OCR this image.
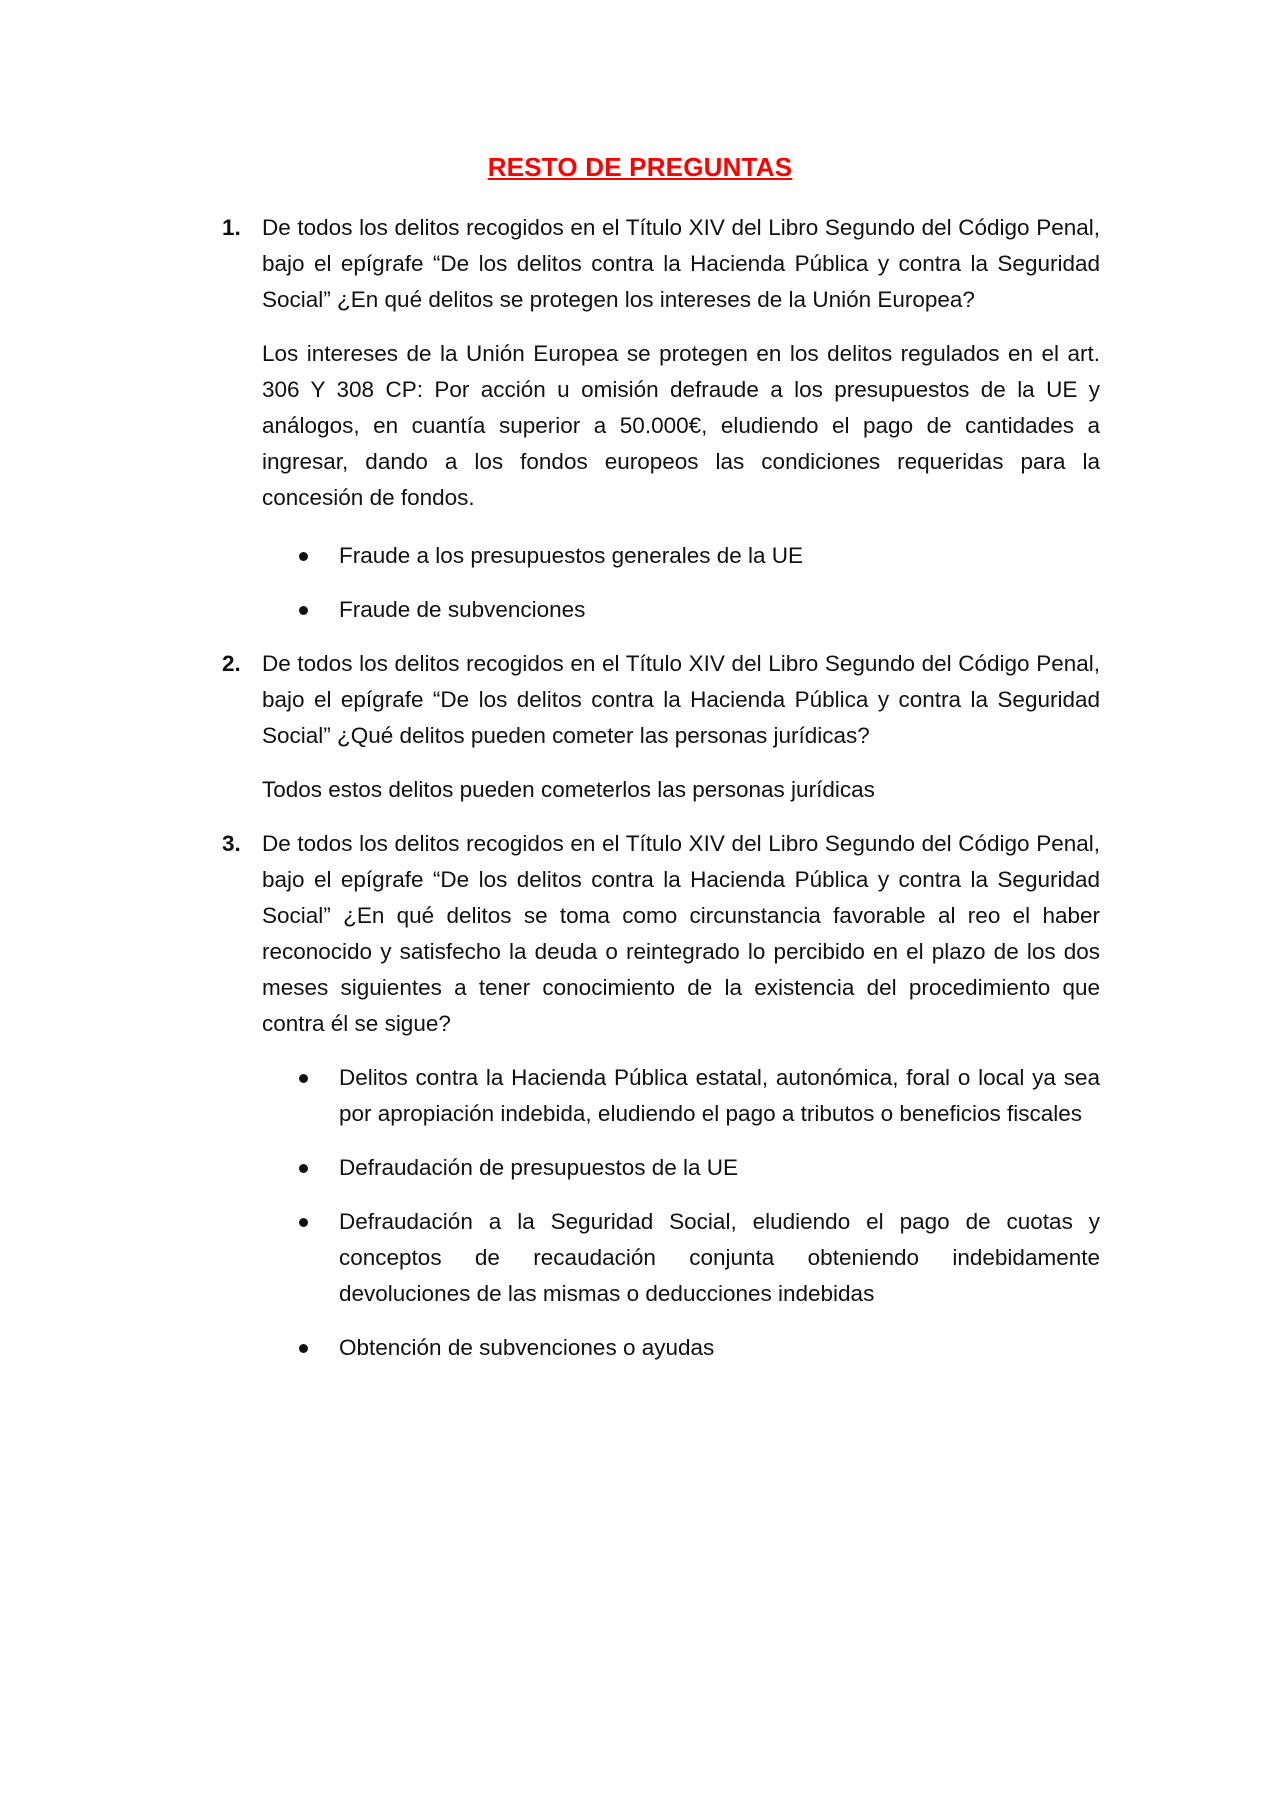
RESTO DE PREGUNTAS
1. De todos los delitos recogidos en el Título XIV del Libro Segundo del Código Penal, bajo el epígrafe “De los delitos contra la Hacienda Pública y contra la Seguridad Social” ¿En qué delitos se protegen los intereses de la Unión Europea?
Los intereses de la Unión Europea se protegen en los delitos regulados en el art. 306 Y 308 CP: Por acción u omisión defraude a los presupuestos de la UE y análogos, en cuantía superior a 50.000€, eludiendo el pago de cantidades a ingresar, dando a los fondos europeos las condiciones requeridas para la concesión de fondos.
Fraude a los presupuestos generales de la UE
Fraude de subvenciones
2. De todos los delitos recogidos en el Título XIV del Libro Segundo del Código Penal, bajo el epígrafe “De los delitos contra la Hacienda Pública y contra la Seguridad Social” ¿Qué delitos pueden cometer las personas jurídicas?
Todos estos delitos pueden cometerlos las personas jurídicas
3. De todos los delitos recogidos en el Título XIV del Libro Segundo del Código Penal, bajo el epígrafe “De los delitos contra la Hacienda Pública y contra la Seguridad Social” ¿En qué delitos se toma como circunstancia favorable al reo el haber reconocido y satisfecho la deuda o reintegrado lo percibido en el plazo de los dos meses siguientes a tener conocimiento de la existencia del procedimiento que contra él se sigue?
Delitos contra la Hacienda Pública estatal, autonómica, foral o local ya sea por apropiación indebida, eludiendo el pago a tributos o beneficios fiscales
Defraudación de presupuestos de la UE
Defraudación a la Seguridad Social, eludiendo el pago de cuotas y conceptos de recaudación conjunta obteniendo indebidamente devoluciones de las mismas o deducciones indebidas
Obtención de subvenciones o ayudas
